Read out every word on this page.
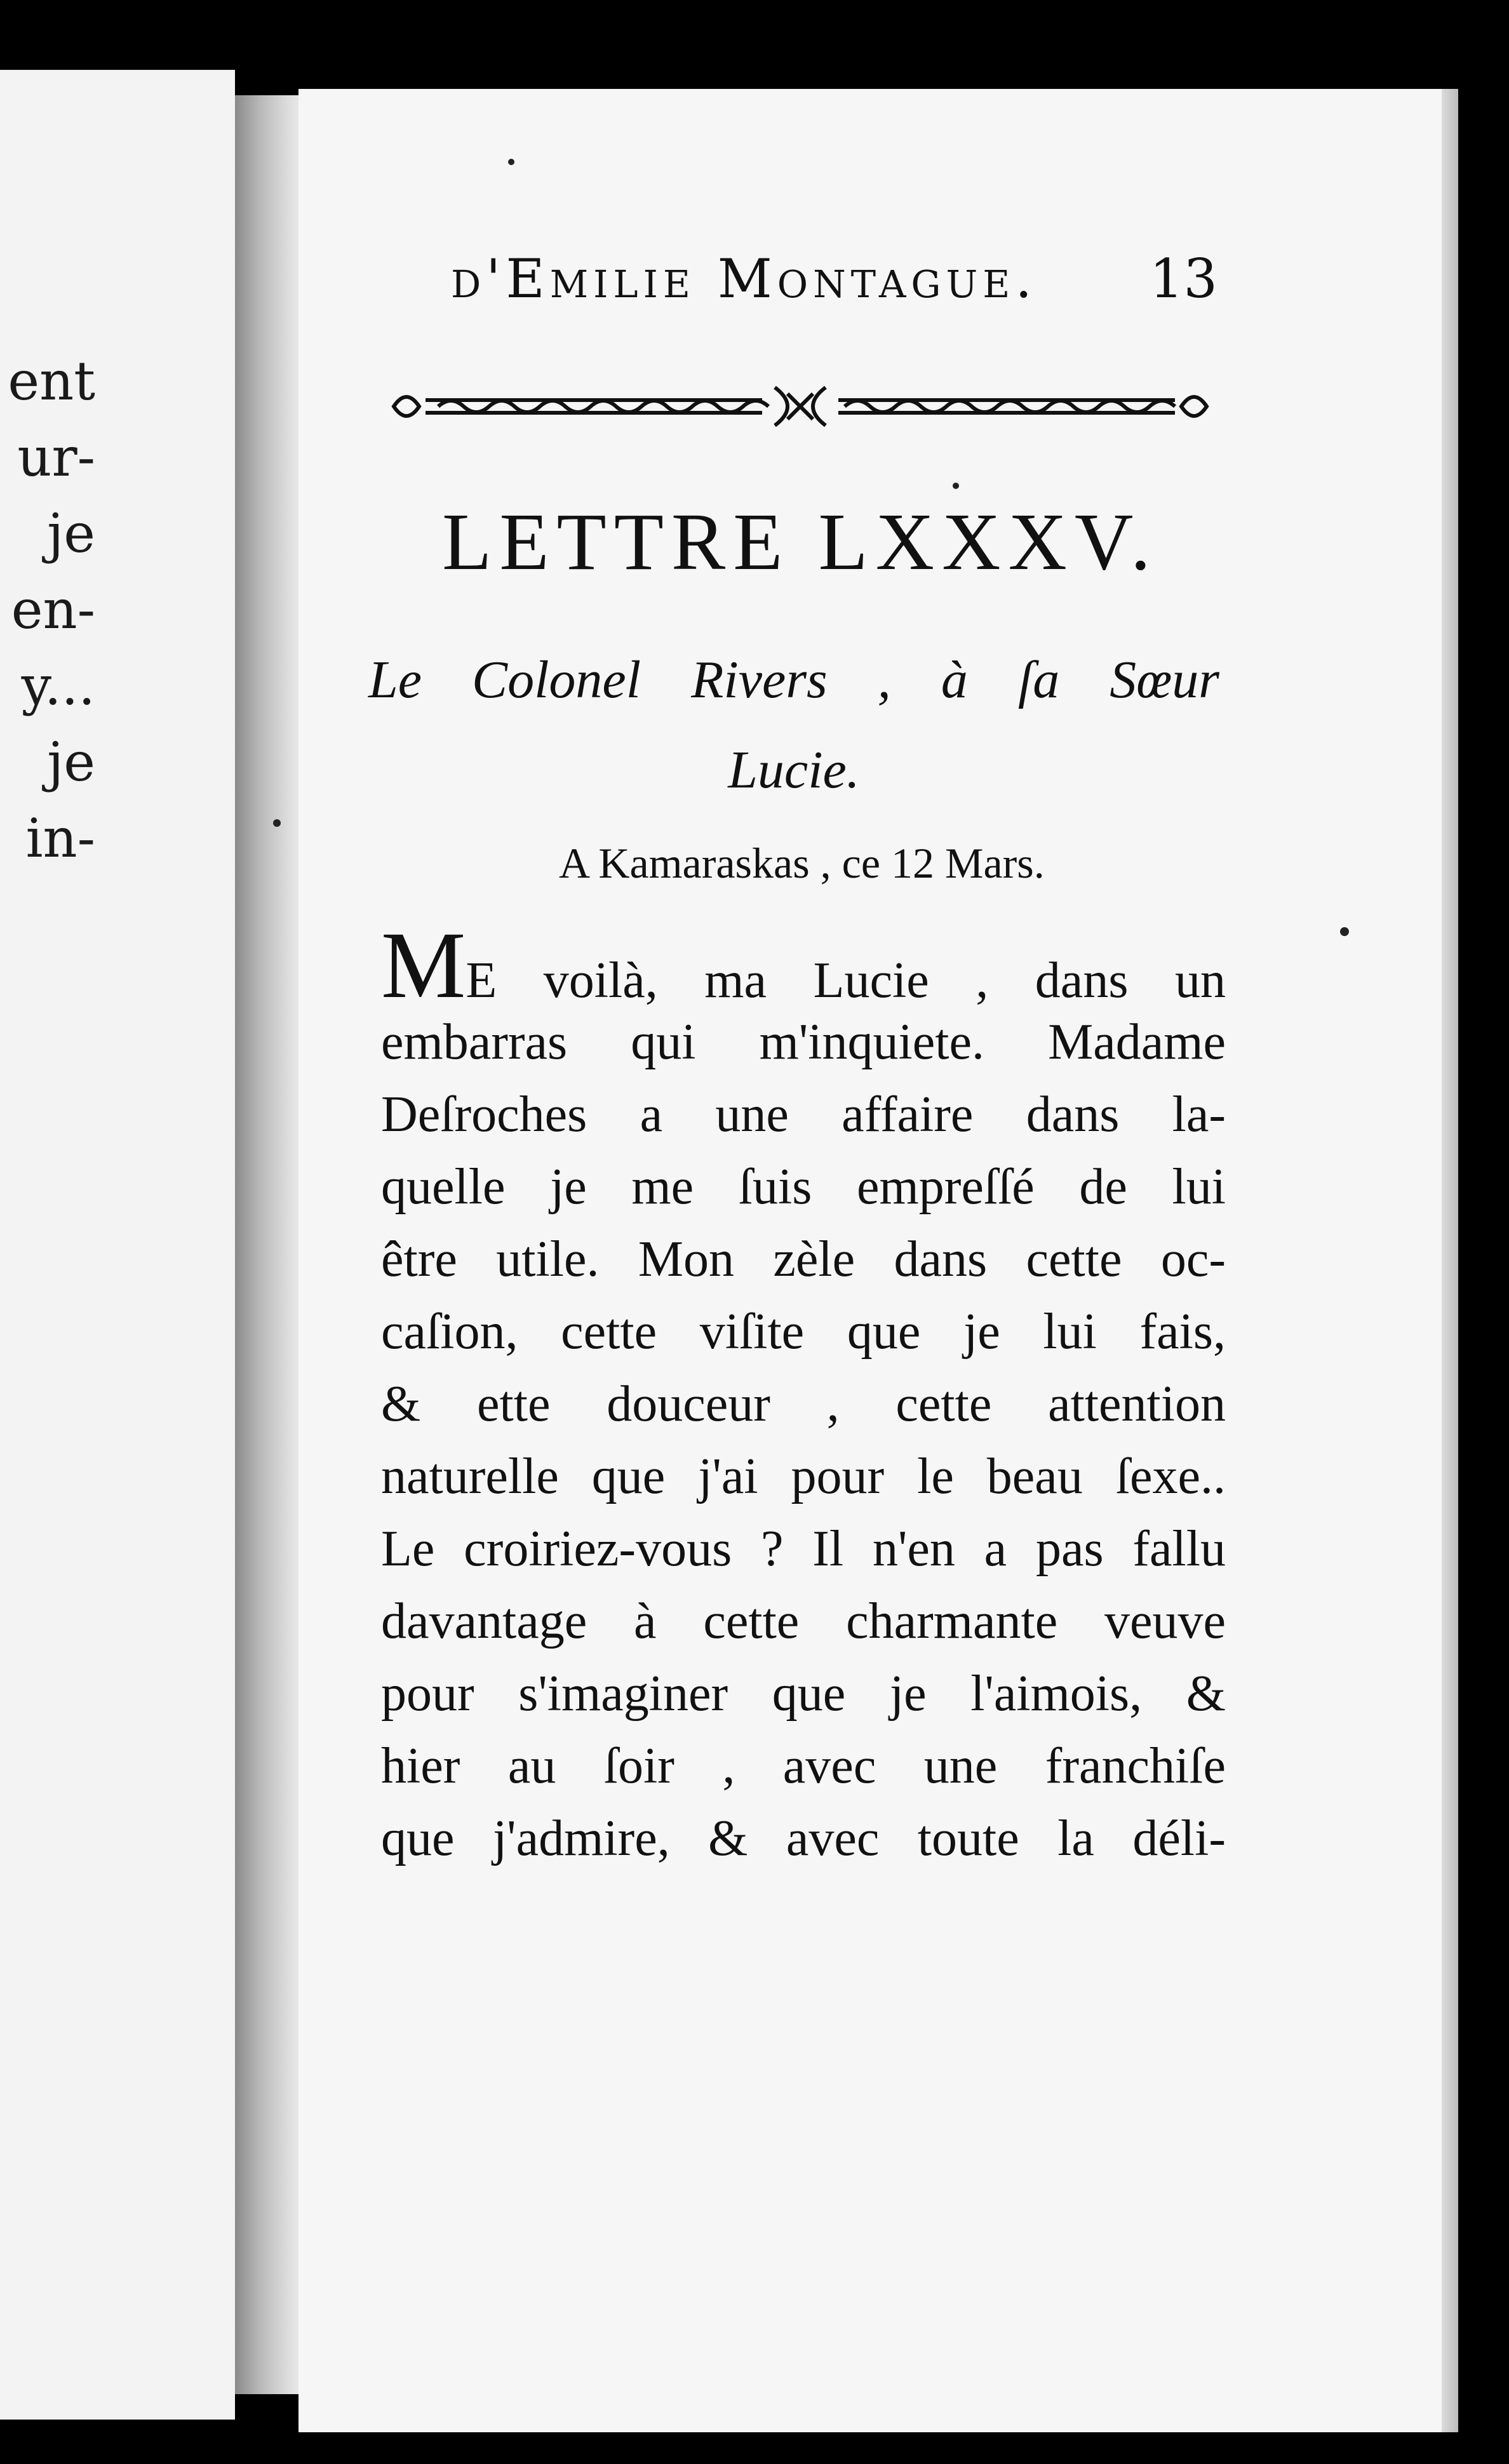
ent
ur-
je
en-
y...
je
in-
d'Emilie Montague. 13
LETTRE LXXXV.
Le Colonel Rivers , à ſa Sœur
Lucie.
A Kamaraskas , ce 12 Mars.
ME voilà, ma Lucie , dans un
embarras qui m'inquiete. Madame
Deſroches a une affaire dans la-
quelle je me ſuis empreſſé de lui
être utile. Mon zèle dans cette oc-
caſion, cette viſite que je lui fais,
& ette douceur , cette attention
naturelle que j'ai pour le beau ſexe..
Le croiriez-vous ? Il n'en a pas fallu
davantage à cette charmante veuve
pour s'imaginer que je l'aimois, &
hier au ſoir , avec une franchiſe
que j'admire, & avec toute la déli-
